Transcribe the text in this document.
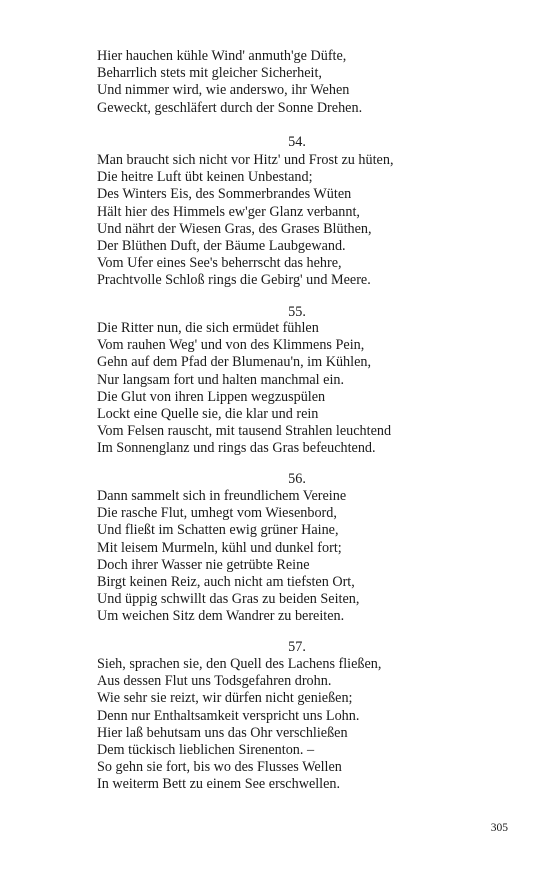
Hier hauchen kühle Wind' anmuth'ge Düfte,
Beharrlich stets mit gleicher Sicherheit,
Und nimmer wird, wie anderswo, ihr Wehen
Geweckt, geschläfert durch der Sonne Drehen.
54.
Man braucht sich nicht vor Hitz' und Frost zu hüten,
Die heitre Luft übt keinen Unbestand;
Des Winters Eis, des Sommerbrandes Wüten
Hält hier des Himmels ew'ger Glanz verbannt,
Und nährt der Wiesen Gras, des Grases Blüthen,
Der Blüthen Duft, der Bäume Laubgewand.
Vom Ufer eines See's beherrscht das hehre,
Prachtvolle Schloß rings die Gebirg' und Meere.
55.
Die Ritter nun, die sich ermüdet fühlen
Vom rauhen Weg' und von des Klimmens Pein,
Gehn auf dem Pfad der Blumenau'n, im Kühlen,
Nur langsam fort und halten manchmal ein.
Die Glut von ihren Lippen wegzuspülen
Lockt eine Quelle sie, die klar und rein
Vom Felsen rauscht, mit tausend Strahlen leuchtend
Im Sonnenglanz und rings das Gras befeuchtend.
56.
Dann sammelt sich in freundlichem Vereine
Die rasche Flut, umhegt vom Wiesenbord,
Und fließt im Schatten ewig grüner Haine,
Mit leisem Murmeln, kühl und dunkel fort;
Doch ihrer Wasser nie getrübte Reine
Birgt keinen Reiz, auch nicht am tiefsten Ort,
Und üppig schwillt das Gras zu beiden Seiten,
Um weichen Sitz dem Wandrer zu bereiten.
57.
Sieh, sprachen sie, den Quell des Lachens fließen,
Aus dessen Flut uns Todsgefahren drohn.
Wie sehr sie reizt, wir dürfen nicht genießen;
Denn nur Enthaltsamkeit verspricht uns Lohn.
Hier laß behutsam uns das Ohr verschließen
Dem tückisch lieblichen Sirenenton. –
So gehn sie fort, bis wo des Flusses Wellen
In weiterm Bett zu einem See erschwellen.
305
